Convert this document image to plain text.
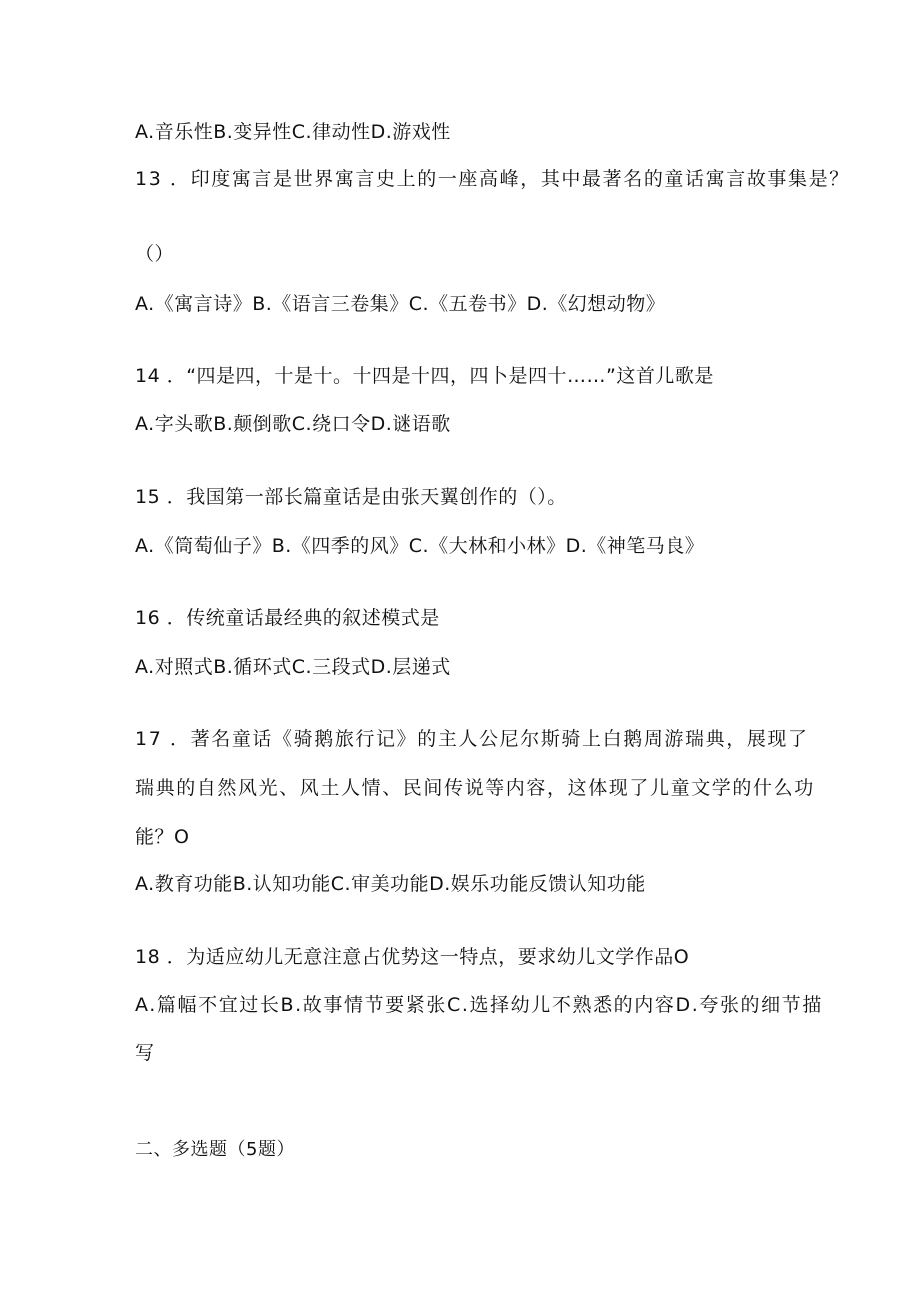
A.音乐性B.变异性C.律动性D.游戏性
13 ．印度寓言是世界寓言史上的一座高峰，其中最著名的童话寓言故事集是？
（）
A.《寓言诗》B.《语言三卷集》C.《五卷书》D.《幻想动物》
14 ．“四是四，十是十。十四是十四，四卜是四十……”这首儿歌是
A.字头歌B.颠倒歌C.绕口令D.谜语歌
15 ．我国第一部长篇童话是由张天翼创作的（）。
A.《筒萄仙子》B.《四季的风》C.《大林和小林》D.《神笔马良》
16 ．传统童话最经典的叙述模式是
A.对照式B.循环式C.三段式D.层递式
17 ．著名童话《骑鹅旅行记》的主人公尼尔斯骑上白鹅周游瑞典，展现了
瑞典的自然风光、风土人情、民间传说等内容，这体现了儿童文学的什么功
能？O
A.教育功能B.认知功能C.审美功能D.娱乐功能反馈认知功能
18 ．为适应幼儿无意注意占优势这一特点，要求幼儿文学作品O
A.篇幅不宜过长B.故事情节要紧张C.选择幼儿不熟悉的内容D.夸张的细节描
写
二、多选题（5题）
